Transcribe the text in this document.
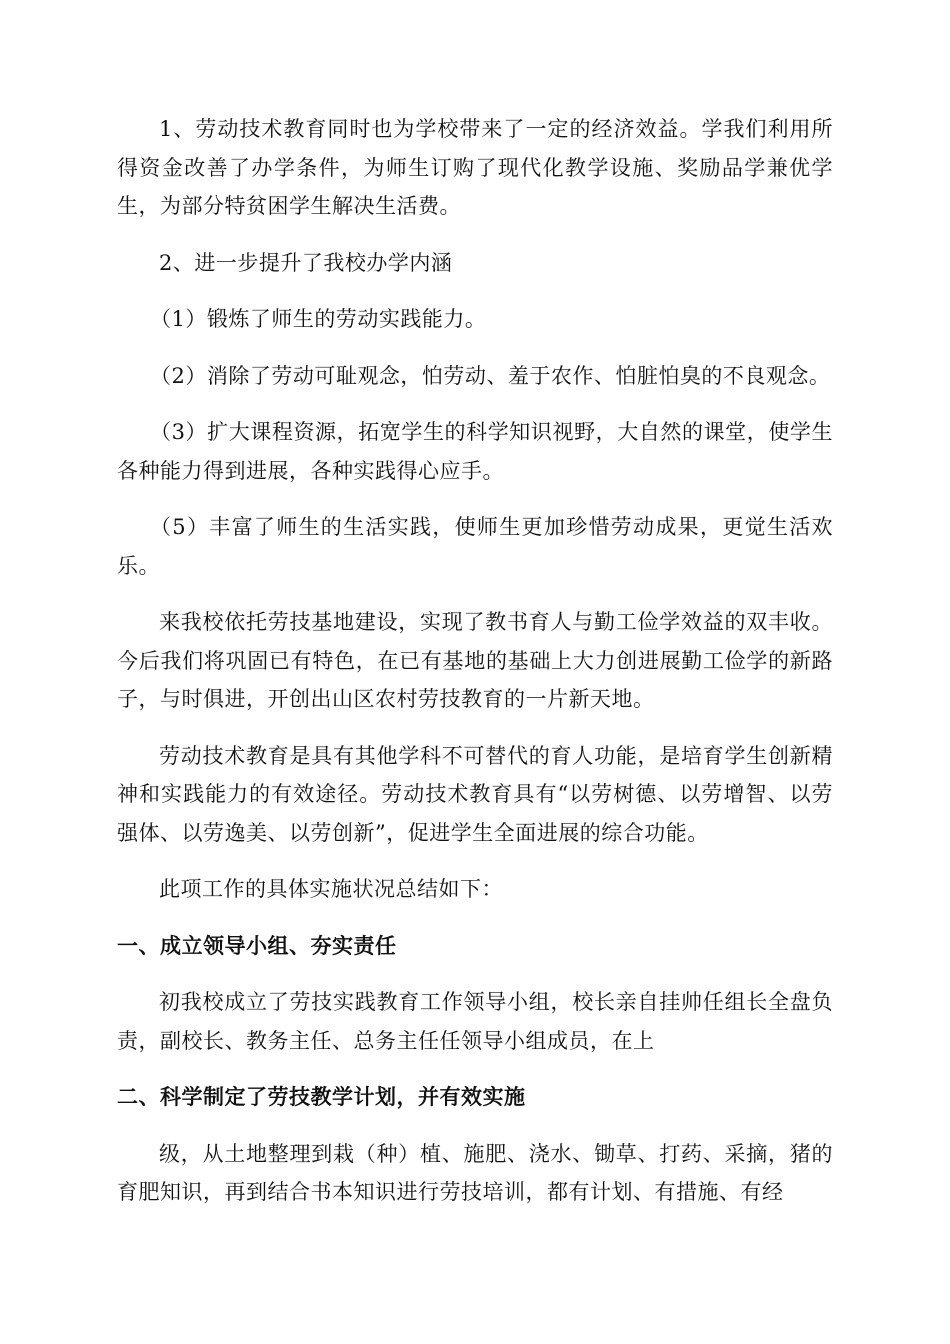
1、劳动技术教育同时也为学校带来了一定的经济效益。学我们利用所得资金改善了办学条件，为师生订购了现代化教学设施、奖励品学兼优学生，为部分特贫困学生解决生活费。

2、进一步提升了我校办学内涵

（1）锻炼了师生的劳动实践能力。

（2）消除了劳动可耻观念，怕劳动、羞于农作、怕脏怕臭的不良观念。

（3）扩大课程资源，拓宽学生的科学知识视野，大自然的课堂，使学生各种能力得到进展，各种实践得心应手。

（5）丰富了师生的生活实践，使师生更加珍惜劳动成果，更觉生活欢乐。

来我校依托劳技基地建设，实现了教书育人与勤工俭学效益的双丰收。今后我们将巩固已有特色，在已有基地的基础上大力创进展勤工俭学的新路子，与时俱进，开创出山区农村劳技教育的一片新天地。

劳动技术教育是具有其他学科不可替代的育人功能，是培育学生创新精神和实践能力的有效途径。劳动技术教育具有“以劳树德、以劳增智、以劳强体、以劳逸美、以劳创新”，促进学生全面进展的综合功能。

此项工作的具体实施状况总结如下：

一、成立领导小组、夯实责任

初我校成立了劳技实践教育工作领导小组，校长亲自挂帅任组长全盘负责，副校长、教务主任、总务主任任领导小组成员，在上

二、科学制定了劳技教学计划，并有效实施

级，从土地整理到栽（种）植、施肥、浇水、锄草、打药、采摘，猪的育肥知识，再到结合书本知识进行劳技培训，都有计划、有措施、有经
